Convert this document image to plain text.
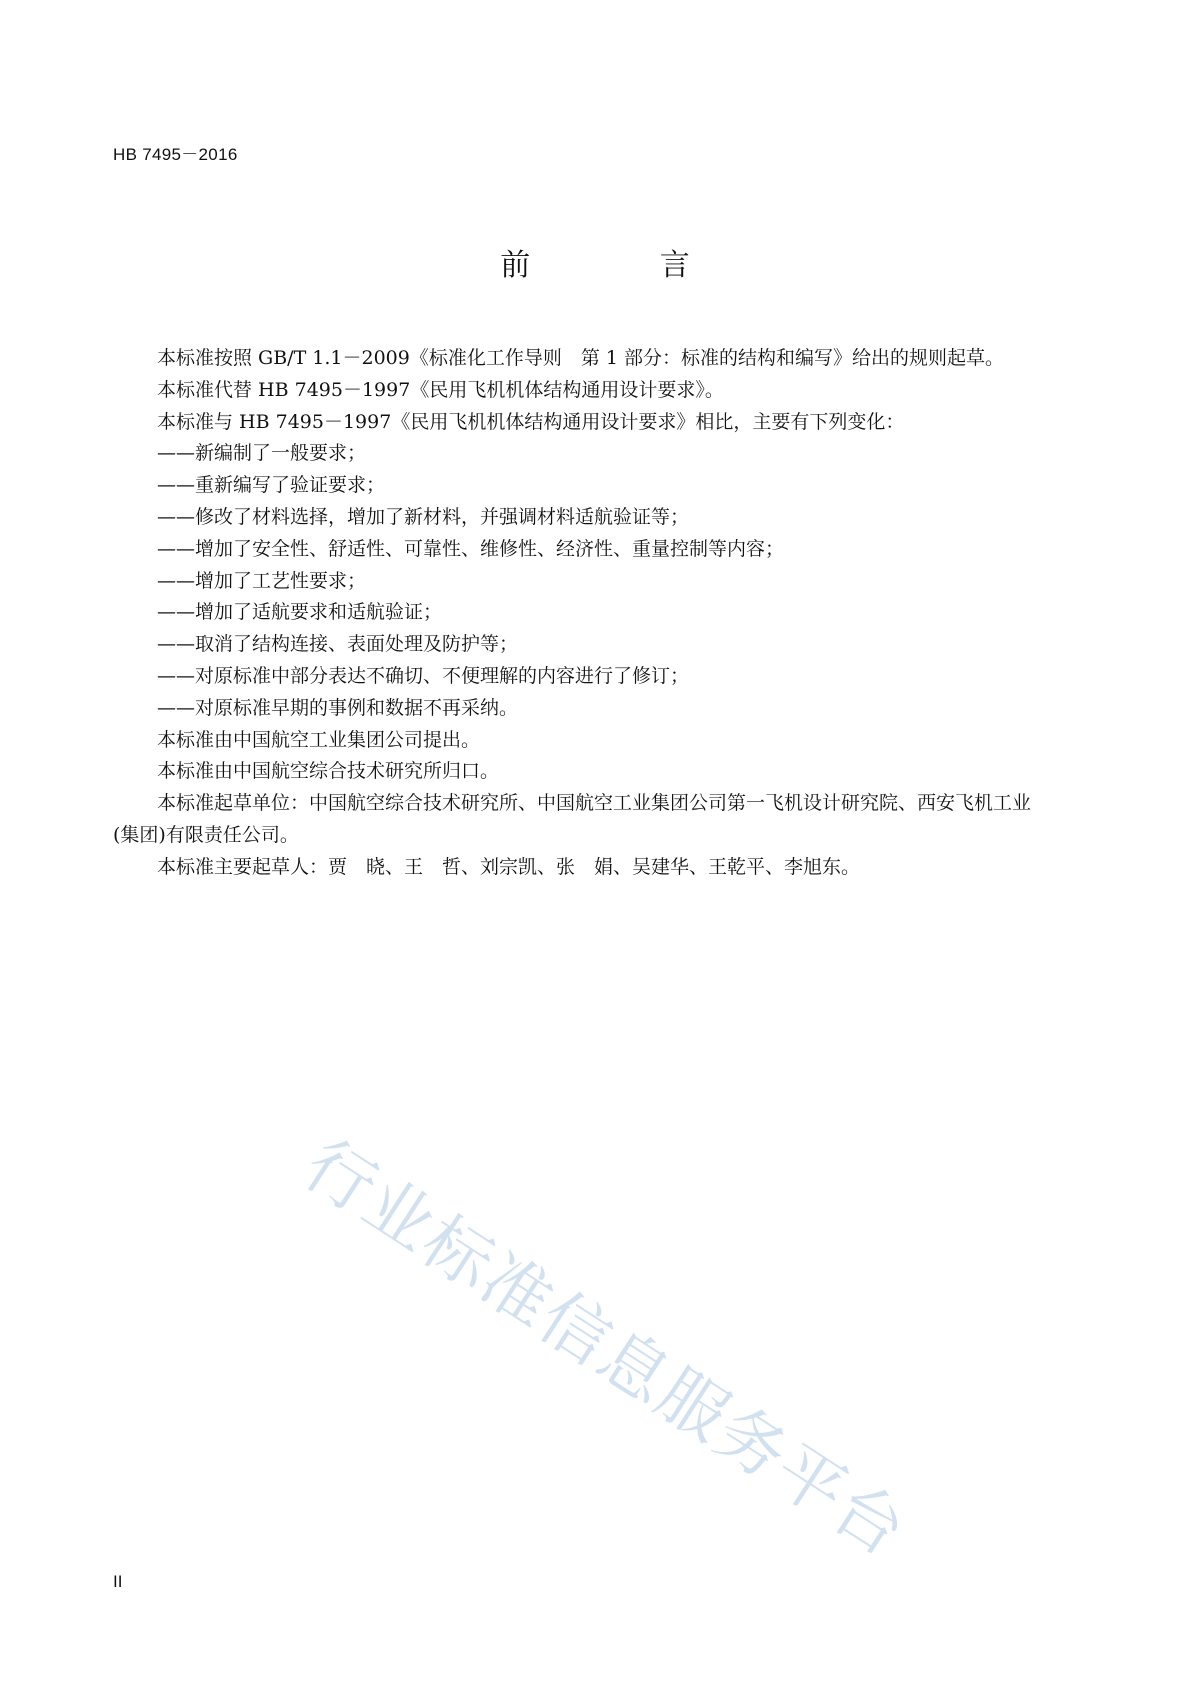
HB 7495－2016
前 言

本标准按照 GB/T 1.1－2009《标准化工作导则　第 1 部分：标准的结构和编写》给出的规则起草。

本标准代替 HB 7495－1997《民用飞机机体结构通用设计要求》。

本标准与 HB 7495－1997《民用飞机机体结构通用设计要求》相比，主要有下列变化：

——新编制了一般要求；

——重新编写了验证要求；

——修改了材料选择，增加了新材料，并强调材料适航验证等；

——增加了安全性、舒适性、可靠性、维修性、经济性、重量控制等内容；

——增加了工艺性要求；

——增加了适航要求和适航验证；

——取消了结构连接、表面处理及防护等；

——对原标准中部分表达不确切、不便理解的内容进行了修订；

——对原标准早期的事例和数据不再采纳。

本标准由中国航空工业集团公司提出。

本标准由中国航空综合技术研究所归口。

本标准起草单位：中国航空综合技术研究所、中国航空工业集团公司第一飞机设计研究院、西安飞机工业(集团)有限责任公司。

本标准主要起草人：贾　晓、王　哲、刘宗凯、张　娟、吴建华、王乾平、李旭东。

行业标准信息服务平台
II
